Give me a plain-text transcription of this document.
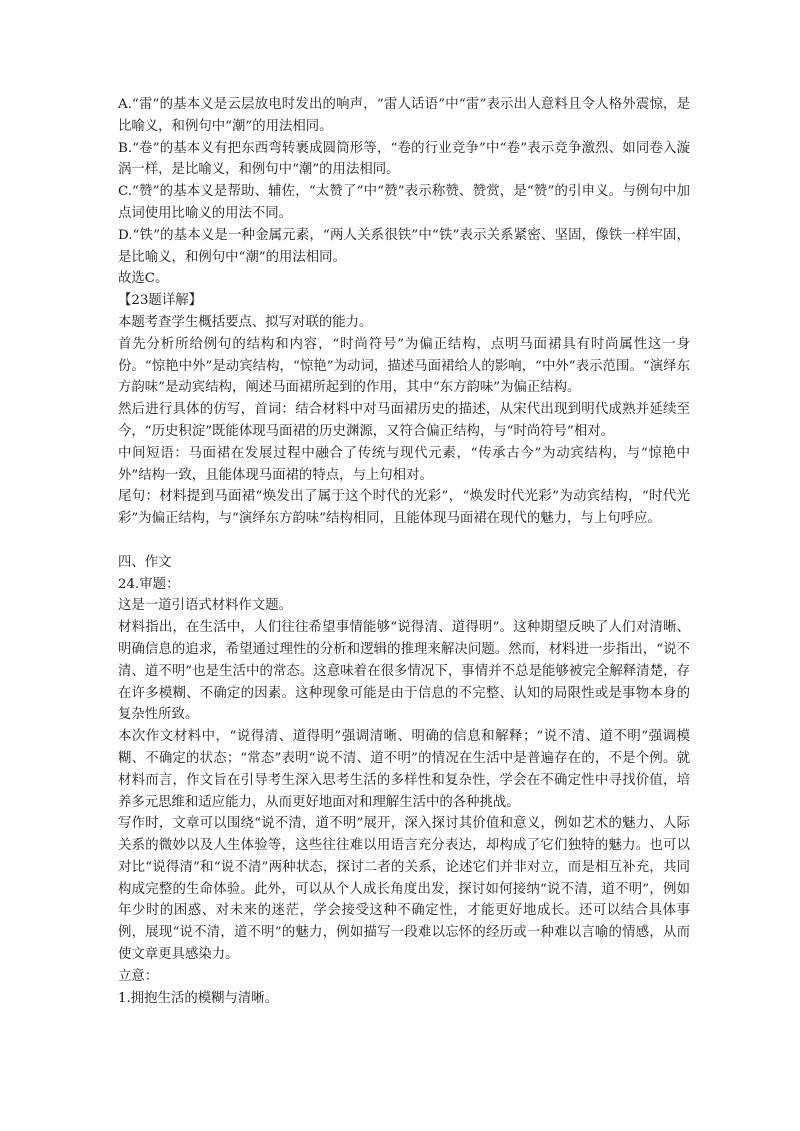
A.“雷”的基本义是云层放电时发出的响声，“雷人话语”中“雷”表示出人意料且令人格外震惊，是比喻义，和例句中“潮”的用法相同。

B.“卷”的基本义有把东西弯转裹成圆筒形等，“卷的行业竞争”中“卷”表示竞争激烈、如同卷入漩涡一样，是比喻义，和例句中“潮”的用法相同。

C.“赞”的基本义是帮助、辅佐，“太赞了”中“赞”表示称赞、赞赏，是“赞”的引申义。与例句中加点词使用比喻义的用法不同。

D.“铁”的基本义是一种金属元素，“两人关系很铁”中“铁”表示关系紧密、坚固，像铁一样牢固，是比喻义，和例句中“潮”的用法相同。

故选C。

【23题详解】

本题考查学生概括要点、拟写对联的能力。

首先分析所给例句的结构和内容，“时尚符号”为偏正结构，点明马面裙具有时尚属性这一身份。“惊艳中外”是动宾结构，“惊艳”为动词，描述马面裙给人的影响，“中外”表示范围。“演绎东方韵味”是动宾结构，阐述马面裙所起到的作用，其中“东方韵味”为偏正结构。

然后进行具体的仿写，首词：结合材料中对马面裙历史的描述，从宋代出现到明代成熟并延续至今，“历史积淀”既能体现马面裙的历史渊源，又符合偏正结构，与“时尚符号”相对。

中间短语：马面裙在发展过程中融合了传统与现代元素，“传承古今”为动宾结构，与“惊艳中外”结构一致，且能体现马面裙的特点，与上句相对。

尾句：材料提到马面裙“焕发出了属于这个时代的光彩”，“焕发时代光彩”为动宾结构，“时代光彩”为偏正结构，与“演绎东方韵味”结构相同，且能体现马面裙在现代的魅力，与上句呼应。

四、作文

24.审题：

这是一道引语式材料作文题。

材料指出，在生活中，人们往往希望事情能够“说得清、道得明”。这种期望反映了人们对清晰、明确信息的追求，希望通过理性的分析和逻辑的推理来解决问题。然而，材料进一步指出，“说不清、道不明”也是生活中的常态。这意味着在很多情况下，事情并不总是能够被完全解释清楚，存在许多模糊、不确定的因素。这种现象可能是由于信息的不完整、认知的局限性或是事物本身的复杂性所致。

本次作文材料中，“说得清、道得明”强调清晰、明确的信息和解释；“说不清、道不明”强调模糊、不确定的状态；“常态”表明“说不清、道不明”的情况在生活中是普遍存在的，不是个例。就材料而言，作文旨在引导考生深入思考生活的多样性和复杂性，学会在不确定性中寻找价值，培养多元思维和适应能力，从而更好地面对和理解生活中的各种挑战。

写作时，文章可以围绕“说不清，道不明”展开，深入探讨其价值和意义，例如艺术的魅力、人际关系的微妙以及人生体验等，这些往往难以用语言充分表达，却构成了它们独特的魅力。也可以对比“说得清”和“说不清”两种状态，探讨二者的关系，论述它们并非对立，而是相互补充，共同构成完整的生命体验。此外，可以从个人成长角度出发，探讨如何接纳“说不清，道不明”，例如年少时的困惑、对未来的迷茫，学会接受这种不确定性，才能更好地成长。还可以结合具体事例，展现“说不清，道不明”的魅力，例如描写一段难以忘怀的经历或一种难以言喻的情感，从而使文章更具感染力。

立意：

1.拥抱生活的模糊与清晰。
